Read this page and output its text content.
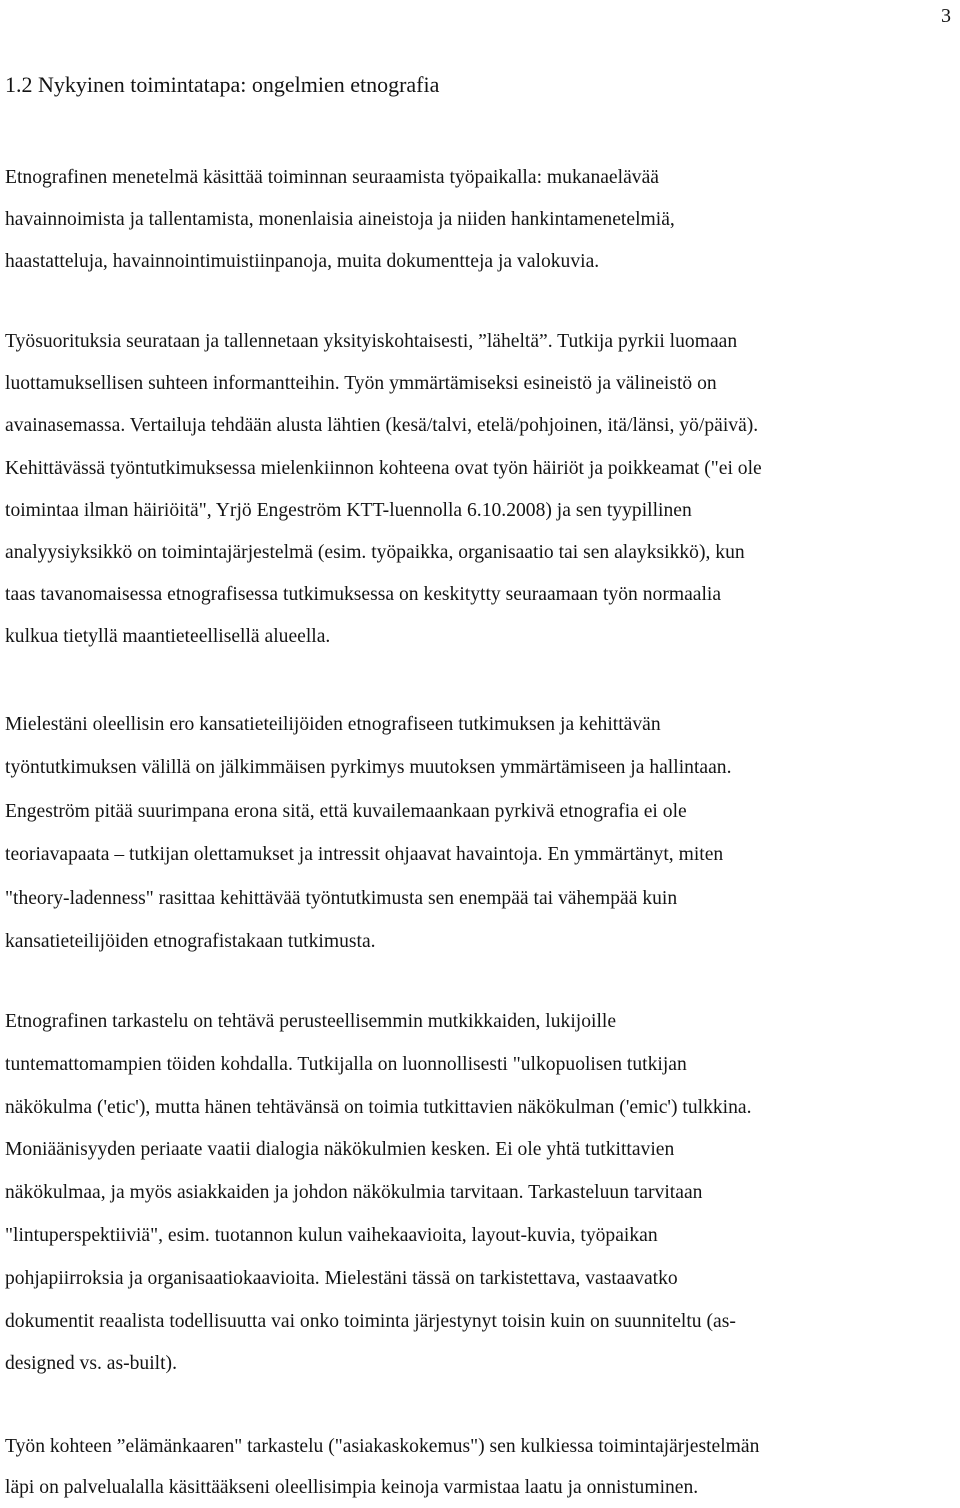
3
1.2 Nykyinen toimintatapa: ongelmien etnografia

Etnografinen menetelmä käsittää toiminnan seuraamista työpaikalla: mukanaelävää
havainnoimista ja tallentamista, monenlaisia aineistoja ja niiden hankintamenetelmiä,
haastatteluja, havainnointimuistiinpanoja, muita dokumentteja ja valokuvia.

Työsuorituksia seurataan ja tallennetaan yksityiskohtaisesti, ”läheltä”. Tutkija pyrkii luomaan
luottamuksellisen suhteen informantteihin. Työn ymmärtämiseksi esineistö ja välineistö on
avainasemassa. Vertailuja tehdään alusta lähtien (kesä/talvi, etelä/pohjoinen, itä/länsi, yö/päivä).
Kehittävässä työntutkimuksessa mielenkiinnon kohteena ovat työn häiriöt ja poikkeamat ("ei ole
toimintaa ilman häiriöitä", Yrjö Engeström KTT-luennolla 6.10.2008) ja sen tyypillinen
analyysiyksikkö on toimintajärjestelmä (esim. työpaikka, organisaatio tai sen alayksikkö), kun
taas tavanomaisessa etnografisessa tutkimuksessa on keskitytty seuraamaan työn normaalia
kulkua tietyllä maantieteellisellä alueella.

Mielestäni oleellisin ero kansatieteilijöiden etnografiseen tutkimuksen ja kehittävän
työntutkimuksen välillä on jälkimmäisen pyrkimys muutoksen ymmärtämiseen ja hallintaan.
Engeström pitää suurimpana erona sitä, että kuvailemaankaan pyrkivä etnografia ei ole
teoriavapaata – tutkijan olettamukset ja intressit ohjaavat havaintoja. En ymmärtänyt, miten
"theory-ladenness" rasittaa kehittävää työntutkimusta sen enempää tai vähempää kuin
kansatieteilijöiden etnografistakaan tutkimusta.

Etnografinen tarkastelu on tehtävä perusteellisemmin mutkikkaiden, lukijoille
tuntemattomampien töiden kohdalla. Tutkijalla on luonnollisesti "ulkopuolisen tutkijan
näkökulma ('etic'), mutta hänen tehtävänsä on toimia tutkittavien näkökulman ('emic') tulkkina.
Moniäänisyyden periaate vaatii dialogia näkökulmien kesken. Ei ole yhtä tutkittavien
näkökulmaa, ja myös asiakkaiden ja johdon näkökulmia tarvitaan. Tarkasteluun tarvitaan
"lintuperspektiiviä", esim. tuotannon kulun vaihekaavioita, layout-kuvia, työpaikan
pohjapiirroksia ja organisaatiokaavioita. Mielestäni tässä on tarkistettava, vastaavatko
dokumentit reaalista todellisuutta vai onko toiminta järjestynyt toisin kuin on suunniteltu (as-
designed vs. as-built).

Työn kohteen ”elämänkaaren" tarkastelu ("asiakaskokemus") sen kulkiessa toimintajärjestelmän
läpi on palvelualalla käsittääkseni oleellisimpia keinoja varmistaa laatu ja onnistuminen.
